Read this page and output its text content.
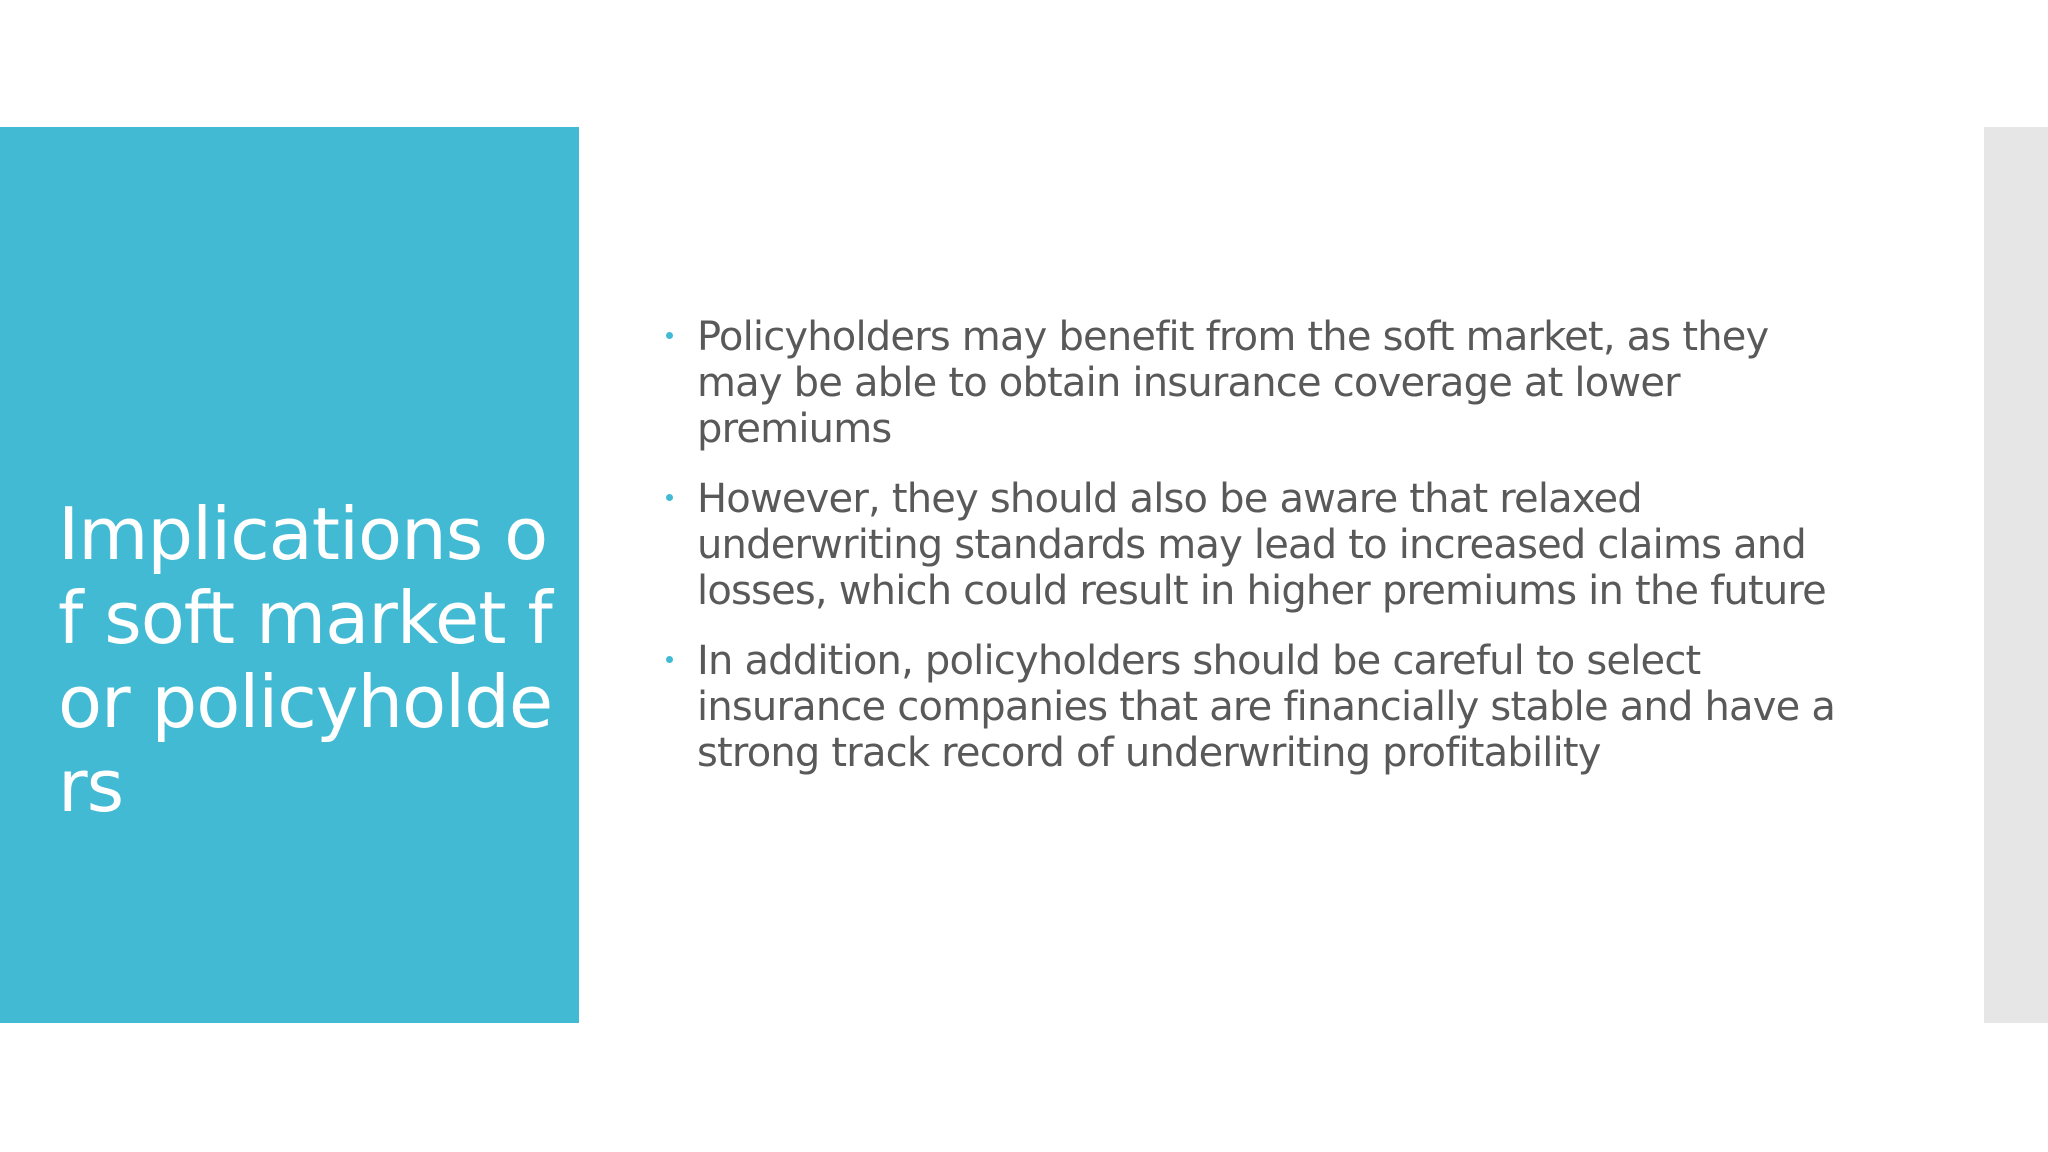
Implications of soft market for policyholders
Policyholders may benefit from the soft market, as they may be able to obtain insurance coverage at lower premiums
However, they should also be aware that relaxed underwriting standards may lead to increased claims and losses, which could result in higher premiums in the future
In addition, policyholders should be careful to select insurance companies that are financially stable and have a strong track record of underwriting profitability
